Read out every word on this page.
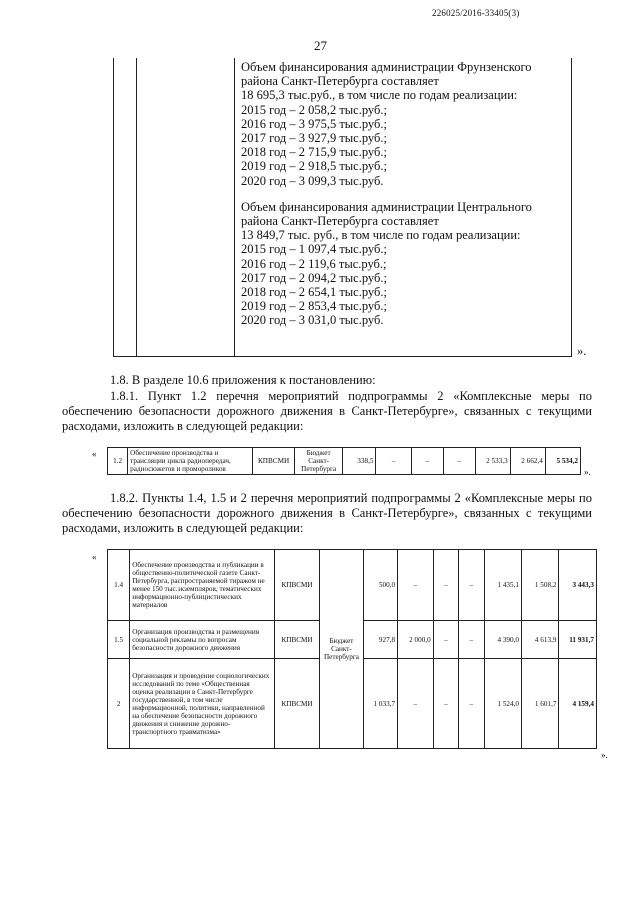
226025/2016-33405(3)
27
Объем финансирования администрации Фрунзенского
района Санкт-Петербурга составляет
18 695,3 тыс.руб., в том числе по годам реализации:
2015 год – 2 058,2 тыс.руб.;
2016 год – 3 975,5 тыс.руб.;
2017 год – 3 927,9 тыс.руб.;
2018 год – 2 715,9 тыс.руб.;
2019 год – 2 918,5 тыс.руб.;
2020 год – 3 099,3 тыс.руб.
Объем финансирования администрации Центрального
района Санкт-Петербурга составляет
13 849,7 тыс. руб., в том числе по годам реализации:
2015 год – 1 097,4 тыс.руб.;
2016 год – 2 119,6 тыс.руб.;
2017 год – 2 094,2 тыс.руб.;
2018 год – 2 654,1 тыс.руб.;
2019 год – 2 853,4 тыс.руб.;
2020 год – 3 031,0 тыс.руб.
».
1.8. В разделе 10.6 приложения к постановлению:
1.8.1. Пункт 1.2 перечня мероприятий подпрограммы 2 «Комплексные меры по обеспечению безопасности дорожного движения в Санкт-Петербурге», связанных с текущими расходами, изложить в следующей редакции:
«
1.2	Обеспечение производства и трансляции цикла радиопередач, радиосюжетов и промороликов	КПВСМИ	Бюджет Санкт-Петербурга	338,5	–	–	–	2 533,3	2 662,4	5 534,2
».
1.8.2. Пункты 1.4, 1.5 и 2 перечня мероприятий подпрограммы 2 «Комплексные меры по обеспечению безопасности дорожного движения в Санкт-Петербурге», связанных с текущими расходами, изложить в следующей редакции:
«
1.4	Обеспечение производства и публикации в общественно-политической газете Санкт-Петербурга, распространяемой тиражом не менее 150 тыс.экземпляров, тематических информационно-публицистических материалов	КПВСМИ	Бюджет Санкт-Петербурга	500,0	–	–	–	1 435,1	1 508,2	3 443,3
1.5	Организация производства и размещения социальной рекламы по вопросам безопасности дорожного движения	КПВСМИ		927,8	2 000,0	–	–	4 390,0	4 613,9	11 931,7
2	Организация и проведение социологических исследований по теме «Общественная оценка реализации в Санкт-Петербурге государственной, в том числе информационной, политики, направленной на обеспечение безопасности дорожного движения и снижение дорожно-транспортного травматизма»	КПВСМИ		1 033,7	–	–	–	1 524,0	1 601,7	4 159,4
».
